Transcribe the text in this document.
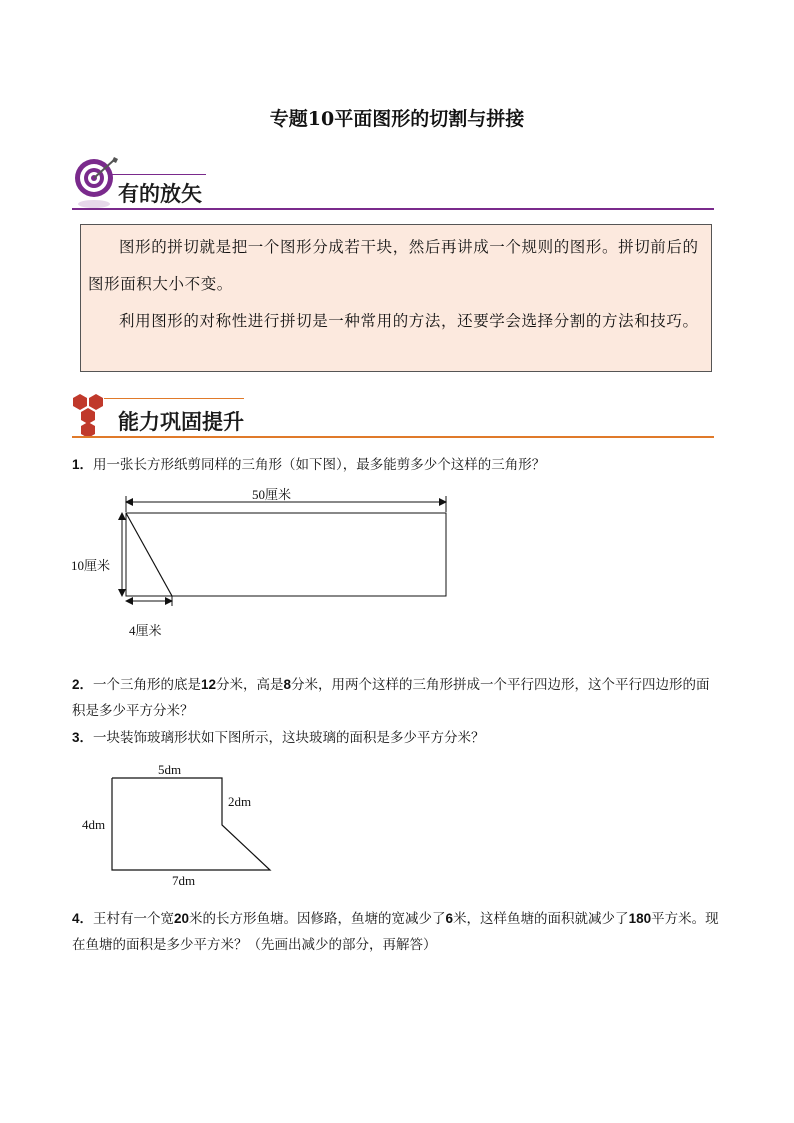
专题10平面图形的切割与拼接
有的放矢

图形的拼切就是把一个图形分成若干块，然后再讲成一个规则的图形。拼切前后的图形面积大小不变。

利用图形的对称性进行拼切是一种常用的方法，还要学会选择分割的方法和技巧。

能力巩固提升
1．用一张长方形纸剪同样的三角形（如下图），最多能剪多少个这样的三角形？
50厘米
10厘米
4厘米
2．一个三角形的底是12分米，高是8分米，用两个这样的三角形拼成一个平行四边形，这个平行四边形的面积是多少平方分米？
3．一块装饰玻璃形状如下图所示，这块玻璃的面积是多少平方分米？
5dm
2dm
4dm
7dm
4．王村有一个宽20米的长方形鱼塘。因修路，鱼塘的宽减少了6米，这样鱼塘的面积就减少了180平方米。现在鱼塘的面积是多少平方米？（先画出减少的部分，再解答）
